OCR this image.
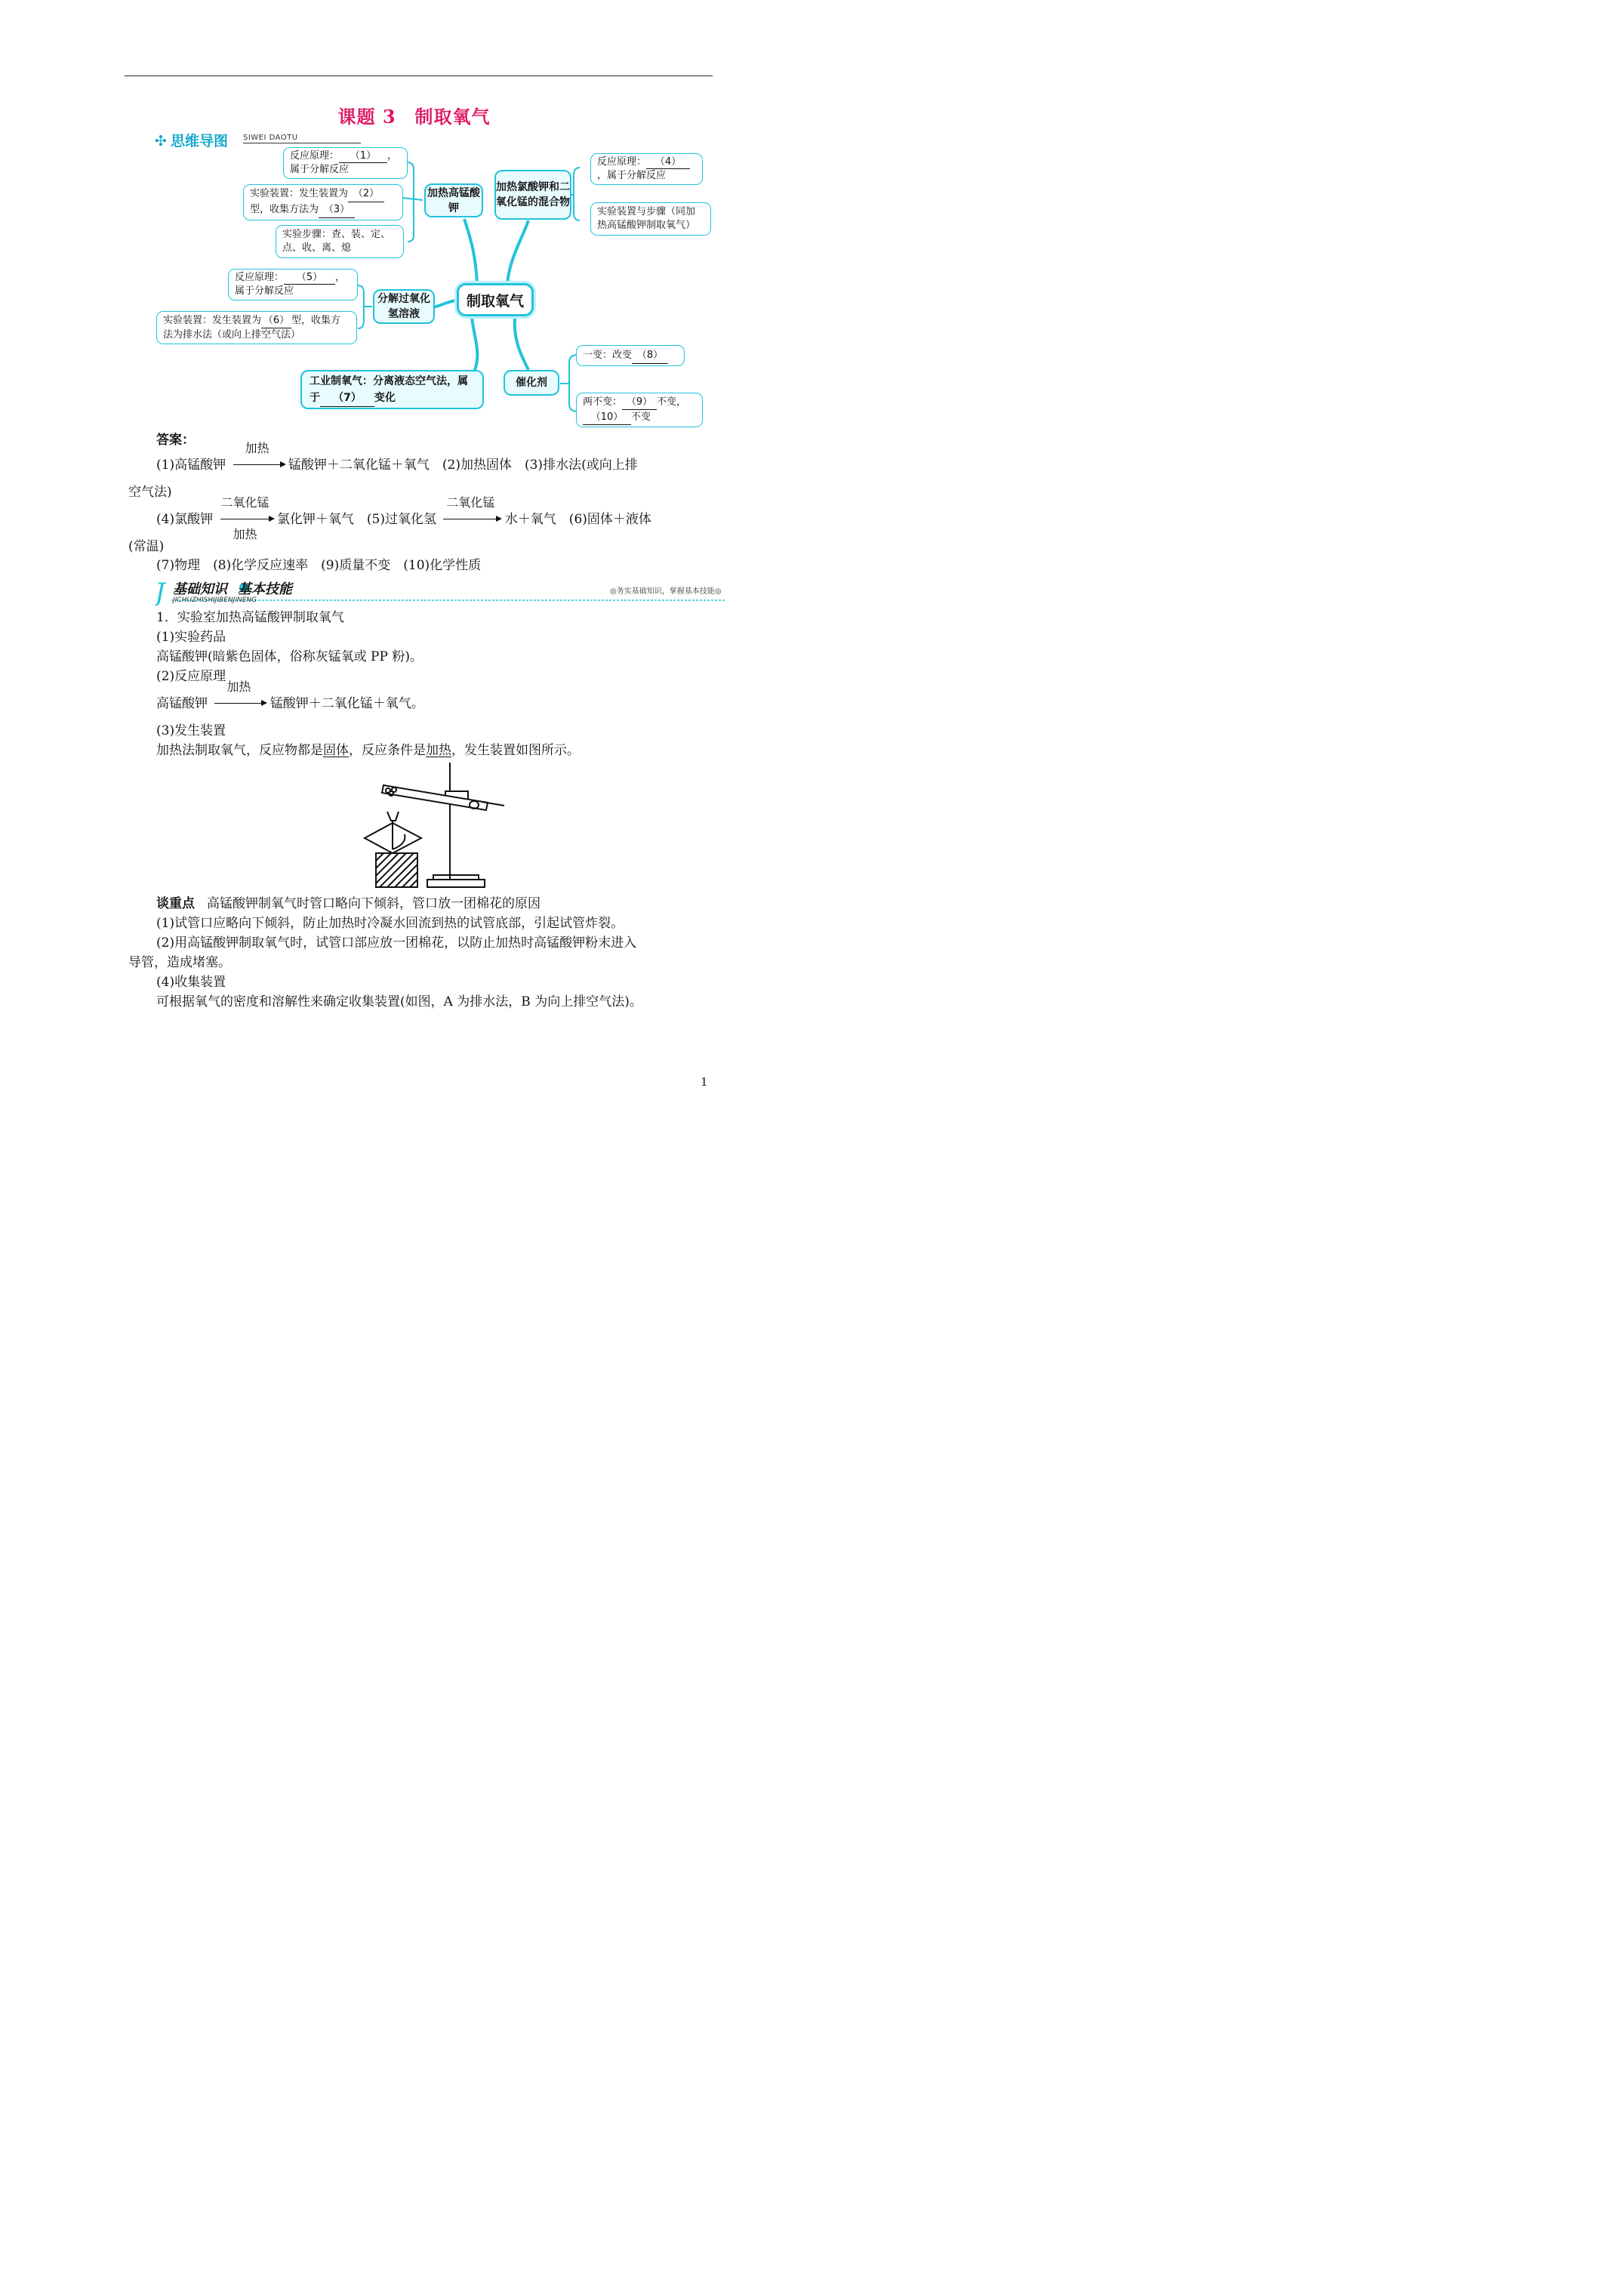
课题 3　制取氧气
✣ 思维导图 SIWEI DAOTU
反应原理： （1） ，属于分解反应
实验装置：发生装置为 （2）
型，收集方法为 （3）
实验步骤：查、装、定、点、收、离、熄
加热高锰酸钾
加热氯酸钾和二氧化锰的混合物
反应原理： （4），属于分解反应
实验装置与步骤（同加热高锰酸钾制取氧气）
反应原理： （5） ，属于分解反应
实验装置：发生装置为 （6） 型，收集方法为排水法（或向上排空气法）
分解过氧化氢溶液
制取氧气
工业制氧气：分离液态空气法，属于 （7） 变化
催化剂
一变：改变 （8）
两不变： （9） 不变，
（10） 不变
答案：
(1)高锰酸钾
加热
锰酸钾＋二氧化锰＋氧气　(2)加热固体　(3)排水法(或向上排
空气法)
(4)氯酸钾
二氧化锰
加热
氯化钾＋氧气　(5)过氧化氢
二氧化锰
水＋氧气　(6)固体＋液体
(常温)
(7)物理　(8)化学反应速率　(9)质量不变　(10)化学性质
J 基础知识 基本技能
JICHUZHISHIJIBENJINENG
◎务实基础知识，掌握基本技能◎
1．实验室加热高锰酸钾制取氧气
(1)实验药品
高锰酸钾(暗紫色固体，俗称灰锰氧或 PP 粉)。
(2)反应原理
高锰酸钾
加热
锰酸钾＋二氧化锰＋氧气。
(3)发生装置
加热法制取氧气，反应物都是固体，反应条件是加热，发生装置如图所示。
谈重点 高锰酸钾制氧气时管口略向下倾斜，管口放一团棉花的原因
(1)试管口应略向下倾斜，防止加热时冷凝水回流到热的试管底部，引起试管炸裂。
(2)用高锰酸钾制取氧气时，试管口部应放一团棉花，以防止加热时高锰酸钾粉末进入
导管，造成堵塞。
(4)收集装置
可根据氧气的密度和溶解性来确定收集装置(如图，A 为排水法，B 为向上排空气法)。
1
